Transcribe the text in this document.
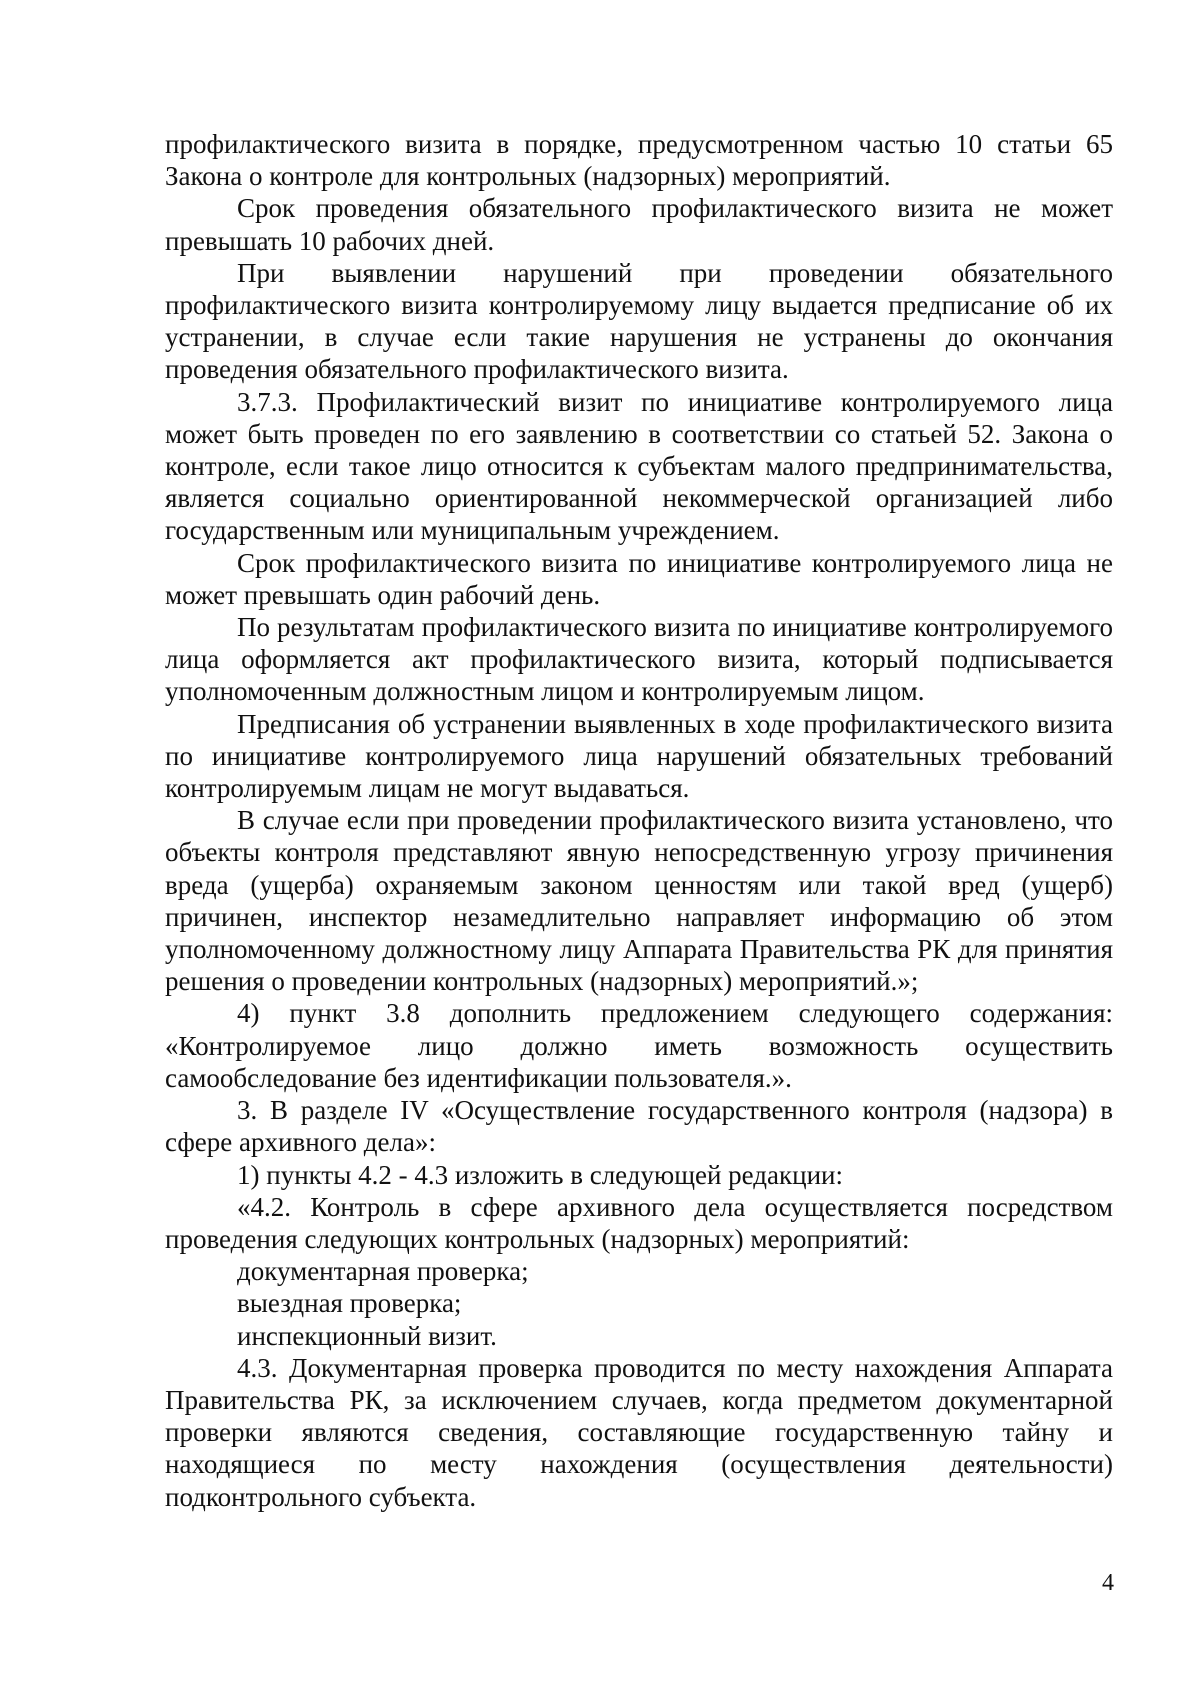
профилактического визита в порядке, предусмотренном частью 10 статьи 65 Закона о контроле для контрольных (надзорных) мероприятий.

Срок проведения обязательного профилактического визита не может превышать 10 рабочих дней.

При выявлении нарушений при проведении обязательного профилактического визита контролируемому лицу выдается предписание об их устранении, в случае если такие нарушения не устранены до окончания проведения обязательного профилактического визита.

3.7.3. Профилактический визит по инициативе контролируемого лица может быть проведен по его заявлению в соответствии со статьей 52. Закона о контроле, если такое лицо относится к субъектам малого предпринимательства, является социально ориентированной некоммерческой организацией либо государственным или муниципальным учреждением.

Срок профилактического визита по инициативе контролируемого лица не может превышать один рабочий день.

По результатам профилактического визита по инициативе контролируемого лица оформляется акт профилактического визита, который подписывается уполномоченным должностным лицом и контролируемым лицом.

Предписания об устранении выявленных в ходе профилактического визита по инициативе контролируемого лица нарушений обязательных требований контролируемым лицам не могут выдаваться.

В случае если при проведении профилактического визита установлено, что объекты контроля представляют явную непосредственную угрозу причинения вреда (ущерба) охраняемым законом ценностям или такой вред (ущерб) причинен, инспектор незамедлительно направляет информацию об этом уполномоченному должностному лицу Аппарата Правительства РК для принятия решения о проведении контрольных (надзорных) мероприятий.»;

4) пункт 3.8 дополнить предложением следующего содержания: «Контролируемое лицо должно иметь возможность осуществить самообследование без идентификации пользователя.».

3. В разделе IV «Осуществление государственного контроля (надзора) в сфере архивного дела»:

1) пункты 4.2 - 4.3 изложить в следующей редакции:

«4.2. Контроль в сфере архивного дела осуществляется посредством проведения следующих контрольных (надзорных) мероприятий:

документарная проверка;

выездная проверка;

инспекционный визит.

4.3. Документарная проверка проводится по месту нахождения Аппарата Правительства РК, за исключением случаев, когда предметом документарной проверки являются сведения, составляющие государственную тайну и находящиеся по месту нахождения (осуществления деятельности) подконтрольного субъекта.

4
